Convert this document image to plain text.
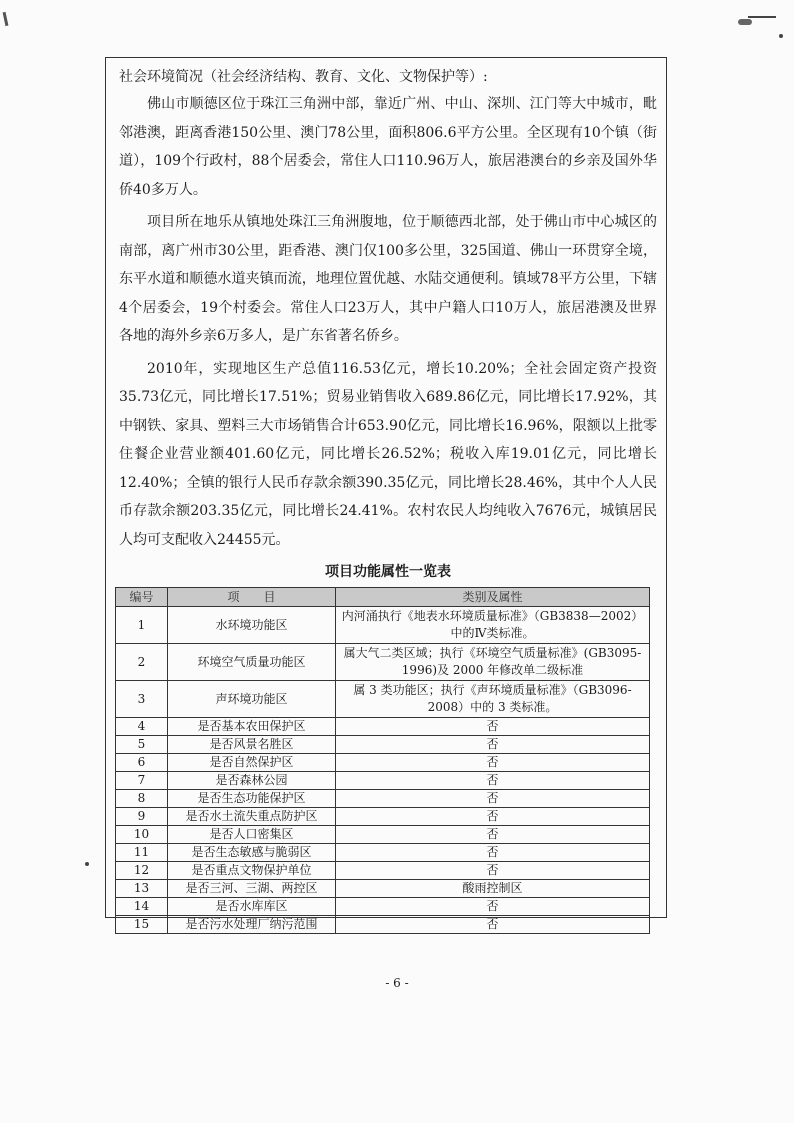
社会环境简况（社会经济结构、教育、文化、文物保护等）:

佛山市顺德区位于珠江三角洲中部，靠近广州、中山、深圳、江门等大中城市，毗邻港澳，距离香港150公里、澳门78公里，面积806.6平方公里。全区现有10个镇（街道），109个行政村，88个居委会，常住人口110.96万人，旅居港澳台的乡亲及国外华侨40多万人。

项目所在地乐从镇地处珠江三角洲腹地，位于顺德西北部，处于佛山市中心城区的南部，离广州市30公里，距香港、澳门仅100多公里，325国道、佛山一环贯穿全境，东平水道和顺德水道夹镇而流，地理位置优越、水陆交通便利。镇域78平方公里，下辖4个居委会，19个村委会。常住人口23万人，其中户籍人口10万人，旅居港澳及世界各地的海外乡亲6万多人，是广东省著名侨乡。

2010年，实现地区生产总值116.53亿元，增长10.20%；全社会固定资产投资35.73亿元，同比增长17.51%；贸易业销售收入689.86亿元，同比增长17.92%，其中钢铁、家具、塑料三大市场销售合计653.90亿元，同比增长16.96%，限额以上批零住餐企业营业额401.60亿元，同比增长26.52%；税收入库19.01亿元，同比增长12.40%；全镇的银行人民币存款余额390.35亿元，同比增长28.46%，其中个人人民币存款余额203.35亿元，同比增长24.41%。农村农民人均纯收入7676元，城镇居民人均可支配收入24455元。

项目功能属性一览表
编号	项　　目	类别及属性
1	水环境功能区	内河涌执行《地表水环境质量标准》（GB3838—2002）中的Ⅳ类标准。
2	环境空气质量功能区	属大气二类区域；执行《环境空气质量标准》(GB3095-1996)及 2000 年修改单二级标准
3	声环境功能区	属 3 类功能区；执行《声环境质量标准》（GB3096-2008）中的 3 类标准。
4	是否基本农田保护区	否
5	是否风景名胜区	否
6	是否自然保护区	否
7	是否森林公园	否
8	是否生态功能保护区	否
9	是否水土流失重点防护区	否
10	是否人口密集区	否
11	是否生态敏感与脆弱区	否
12	是否重点文物保护单位	否
13	是否三河、三湖、两控区	酸雨控制区
14	是否水库库区	否
15	是否污水处理厂纳污范围	否
- 6 -
